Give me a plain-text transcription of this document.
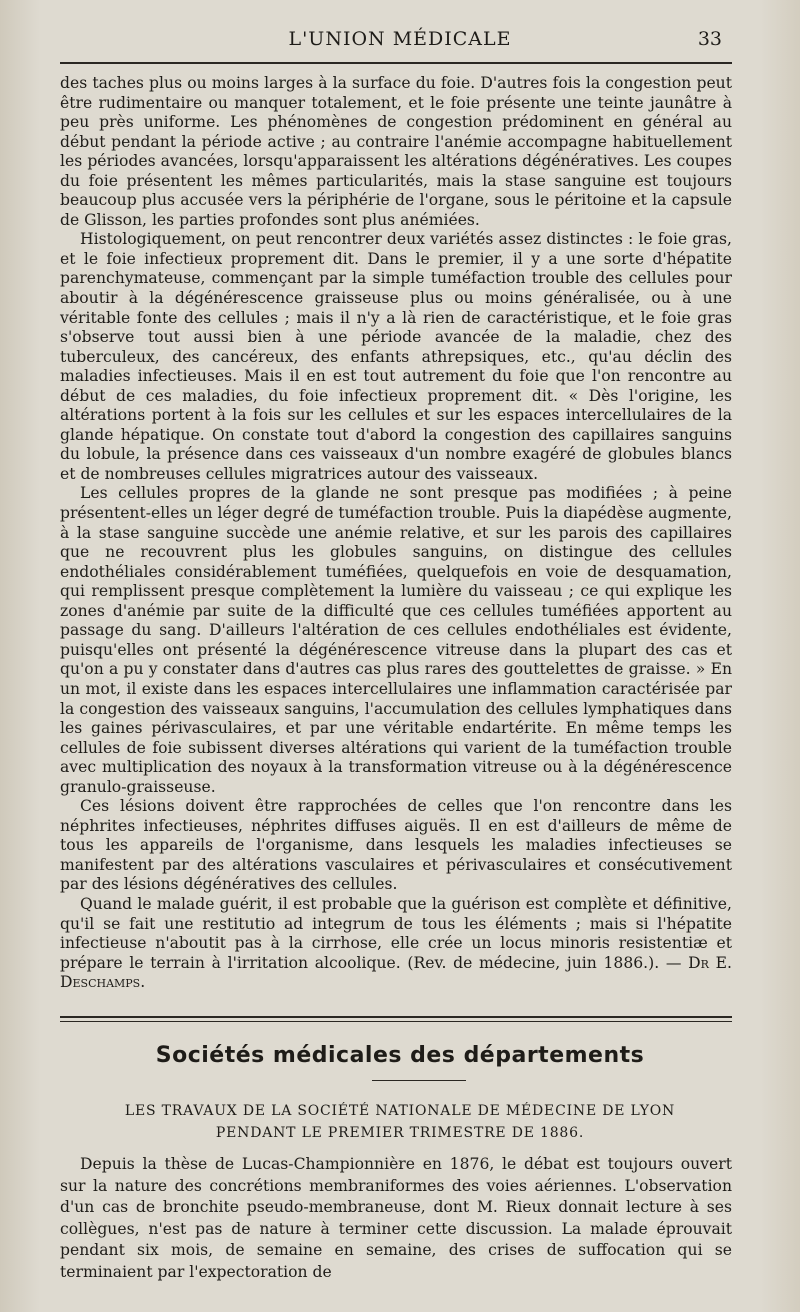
L'UNION MÉDICALE	33

des taches plus ou moins larges à la surface du foie. D'autres fois la congestion peut être rudimentaire ou manquer totalement, et le foie présente une teinte jaunâtre à peu près uniforme. Les phénomènes de congestion prédominent en général au début pendant la période active ; au contraire l'anémie accompagne habituellement les périodes avancées, lorsqu'apparaissent les altérations dégénératives. Les coupes du foie présentent les mêmes particularités, mais la stase sanguine est toujours beaucoup plus accusée vers la périphérie de l'organe, sous le péritoine et la capsule de Glisson, les parties profondes sont plus anémiées.

Histologiquement, on peut rencontrer deux variétés assez distinctes : le foie gras, et le foie infectieux proprement dit. Dans le premier, il y a une sorte d'hépatite parenchymateuse, commençant par la simple tuméfaction trouble des cellules pour aboutir à la dégénérescence graisseuse plus ou moins généralisée, ou à une véritable fonte des cellules ; mais il n'y a là rien de caractéristique, et le foie gras s'observe tout aussi bien à une période avancée de la maladie, chez des tuberculeux, des cancéreux, des enfants athrepsiques, etc., qu'au déclin des maladies infectieuses. Mais il en est tout autrement du foie que l'on rencontre au début de ces maladies, du foie infectieux proprement dit. « Dès l'origine, les altérations portent à la fois sur les cellules et sur les espaces intercellulaires de la glande hépatique. On constate tout d'abord la congestion des capillaires sanguins du lobule, la présence dans ces vaisseaux d'un nombre exagéré de globules blancs et de nombreuses cellules migratrices autour des vaisseaux.

Les cellules propres de la glande ne sont presque pas modifiées ; à peine présentent-elles un léger degré de tuméfaction trouble. Puis la diapédèse augmente, à la stase sanguine succède une anémie relative, et sur les parois des capillaires que ne recouvrent plus les globules sanguins, on distingue des cellules endothéliales considérablement tuméfiées, quelquefois en voie de desquamation, qui remplissent presque complètement la lumière du vaisseau ; ce qui explique les zones d'anémie par suite de la difficulté que ces cellules tuméfiées apportent au passage du sang. D'ailleurs l'altération de ces cellules endothéliales est évidente, puisqu'elles ont présenté la dégénérescence vitreuse dans la plupart des cas et qu'on a pu y constater dans d'autres cas plus rares des gouttelettes de graisse. » En un mot, il existe dans les espaces intercellulaires une inflammation caractérisée par la congestion des vaisseaux sanguins, l'accumulation des cellules lymphatiques dans les gaines périvasculaires, et par une véritable endartérite. En même temps les cellules de foie subissent diverses altérations qui varient de la tuméfaction trouble avec multiplication des noyaux à la transformation vitreuse ou à la dégénérescence granulo-graisseuse.

Ces lésions doivent être rapprochées de celles que l'on rencontre dans les néphrites infectieuses, néphrites diffuses aiguës. Il en est d'ailleurs de même de tous les appareils de l'organisme, dans lesquels les maladies infectieuses se manifestent par des altérations vasculaires et périvasculaires et consécutivement par des lésions dégénératives des cellules.

Quand le malade guérit, il est probable que la guérison est complète et définitive, qu'il se fait une restitutio ad integrum de tous les éléments ; mais si l'hépatite infectieuse n'aboutit pas à la cirrhose, elle crée un locus minoris resistentiæ et prépare le terrain à l'irritation alcoolique. (Rev. de médecine, juin 1886.). — Dr E. Deschamps.

Sociétés médicales des départements
LES TRAVAUX DE LA SOCIÉTÉ NATIONALE DE MÉDECINE DE LYON
PENDANT LE PREMIER TRIMESTRE DE 1886.

Depuis la thèse de Lucas-Championnière en 1876, le débat est toujours ouvert sur la nature des concrétions membraniformes des voies aériennes. L'observation d'un cas de bronchite pseudo-membraneuse, dont M. Rieux donnait lecture à ses collègues, n'est pas de nature à terminer cette discussion. La malade éprouvait pendant six mois, de semaine en semaine, des crises de suffocation qui se terminaient par l'expectoration de
